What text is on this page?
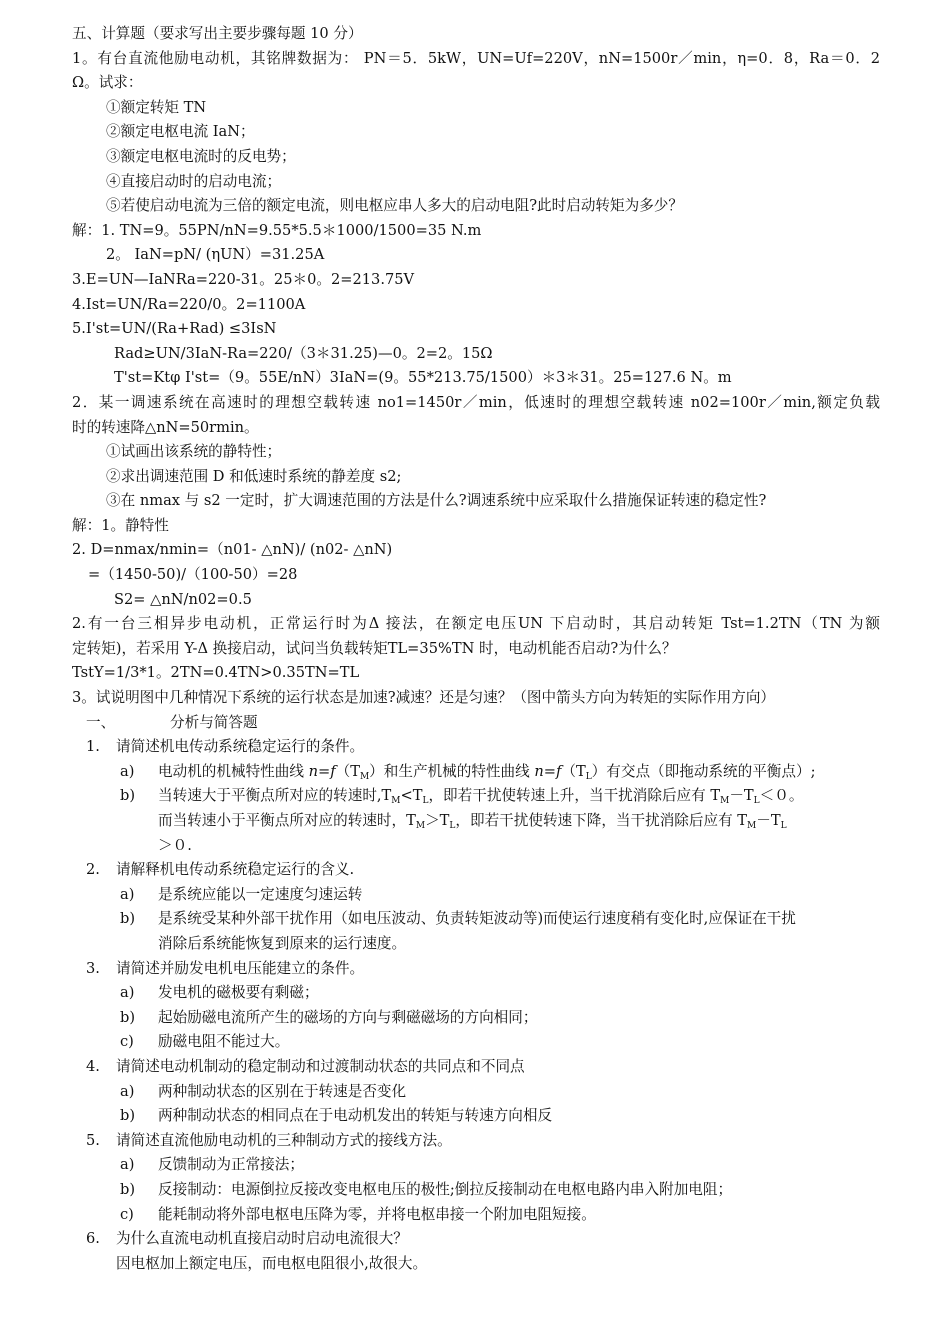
五、计算题（要求写出主要步骤每题 10 分）
1。有台直流他励电动机，其铭牌数据为： PN＝5．5kW，UN=Uf=220V，nN=1500r／min，η=0．8，Ra＝0．2
Ω。试求：
①额定转矩 TN
②额定电枢电流 IaN；
③额定电枢电流时的反电势；
④直接启动时的启动电流；
⑤若使启动电流为三倍的额定电流，则电枢应串人多大的启动电阻?此时启动转矩为多少？
解：1. TN=9。55PN/nN=9.55*5.5＊1000/1500=35 N.m
2。 IaN=pN/ (ηUN）=31.25A
3.E=UN—IaNRa=220-31。25＊0。2=213.75V
4.Ist=UN/Ra=220/0。2=1100A
5.I'st=UN/(Ra+Rad) ≤3IsN
Rad≥UN/3IaN-Ra=220/（3＊31.25)—0。2=2。15Ω
T'st=Ktφ I'st=（9。55E/nN）3IaN=(9。55*213.75/1500）＊3＊31。25=127.6 N。m
2．某一调速系统在高速时的理想空载转速 no1=1450r／min，低速时的理想空载转速 n02=100r／min,额定负载
时的转速降△nN=50rmin。
①试画出该系统的静特性；
②求出调速范围 D 和低速时系统的静差度 s2;
③在 nmax 与 s2 一定时，扩大调速范围的方法是什么?调速系统中应采取什么措施保证转速的稳定性?
解：1。静特性
2. D=nmax/nmin=（n01- △nN)/ (n02- △nN)
=（1450-50)/（100-50）=28
S2= △nN/n02=0.5
2.有一台三相异步电动机，正常运行时为Δ 接法，在额定电压UN 下启动时，其启动转矩 Tst=1.2TN（TN 为额
定转矩)，若采用 Y-Δ 换接启动，试问当负载转矩TL=35%TN 时，电动机能否启动?为什么？
TstY=1/3*1。2TN=0.4TN>0.35TN=TL
3。试说明图中几种情况下系统的运行状态是加速?减速？还是匀速？（图中箭头方向为转矩的实际作用方向）
一、	分析与简答题
1. 请简述机电传动系统稳定运行的条件。
a) 电动机的机械特性曲线 $n=f(T_M)$和生产机械的特性曲线 $n=f(T_L)$有交点（即拖动系统的平衡点）;
b) 当转速大于平衡点所对应的转速时$,T_M<T_L$，即若干扰使转速上升，当干扰消除后应有 $T_M-T_L<0$。
而当转速小于平衡点所对应的转速时，$T_M>T_L$，即若干扰使转速下降，当干扰消除后应有 $T_M-T_L$
＞０.
2. 请解释机电传动系统稳定运行的含义.
a) 是系统应能以一定速度匀速运转
b) 是系统受某种外部干扰作用（如电压波动、负责转矩波动等)而使运行速度稍有变化时,应保证在干扰
消除后系统能恢复到原来的运行速度。
3. 请简述并励发电机电压能建立的条件。
a) 发电机的磁极要有剩磁；
b) 起始励磁电流所产生的磁场的方向与剩磁磁场的方向相同；
c) 励磁电阻不能过大。
4. 请简述电动机制动的稳定制动和过渡制动状态的共同点和不同点
a) 两种制动状态的区别在于转速是否变化
b) 两种制动状态的相同点在于电动机发出的转矩与转速方向相反
5. 请简述直流他励电动机的三种制动方式的接线方法。
a) 反馈制动为正常接法；
b) 反接制动：电源倒拉反接改变电枢电压的极性;倒拉反接制动在电枢电路内串入附加电阻；
c) 能耗制动将外部电枢电压降为零，并将电枢串接一个附加电阻短接。
6. 为什么直流电动机直接启动时启动电流很大？
因电枢加上额定电压，而电枢电阻很小,故很大。
